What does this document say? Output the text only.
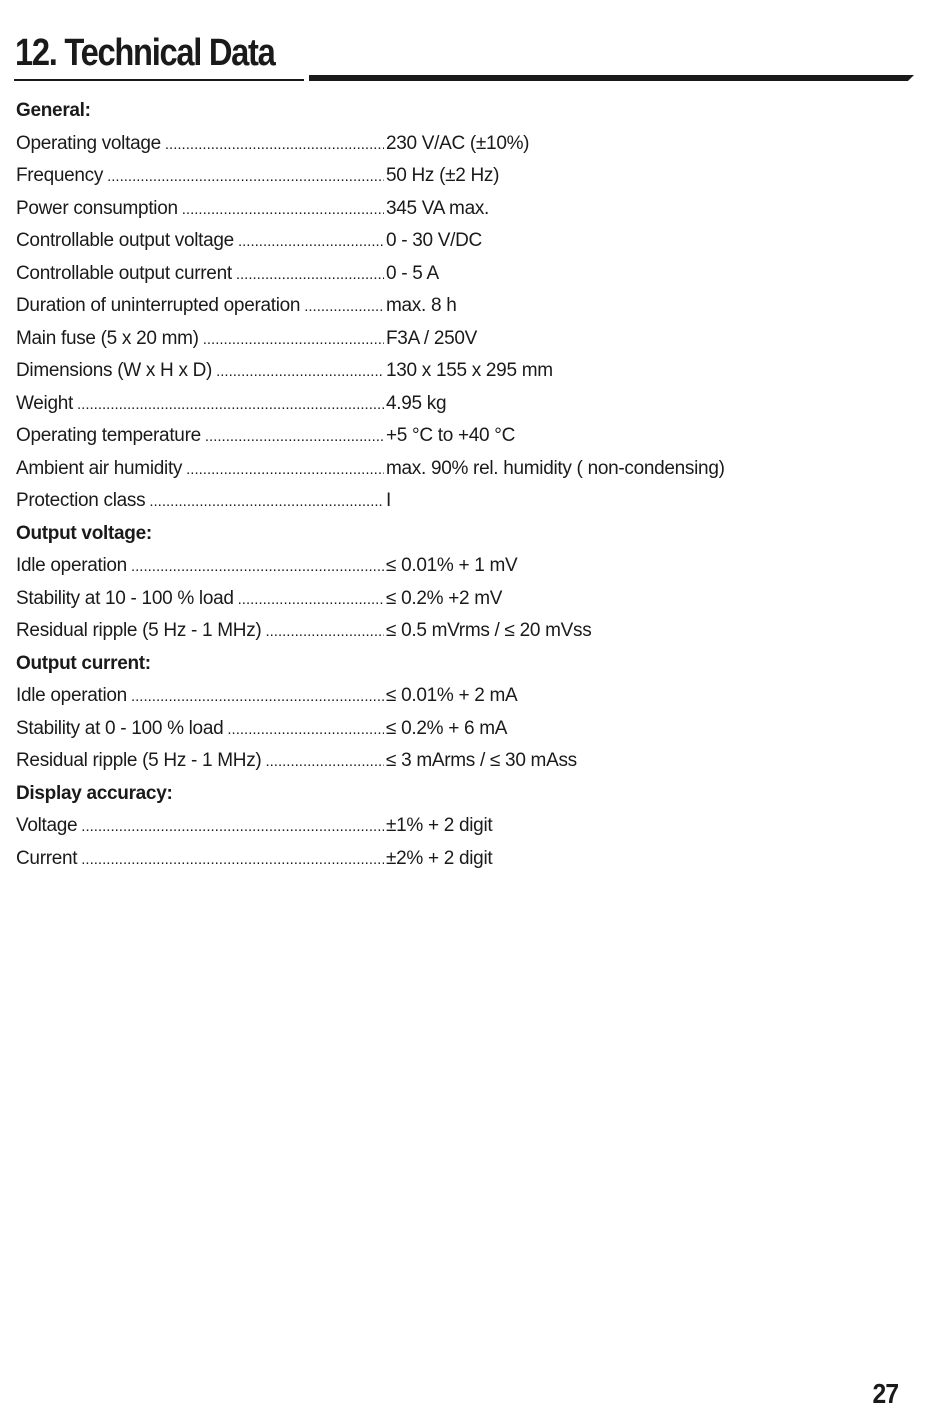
12. Technical Data
General:
Operating voltage .....	230 V/AC (±10%)
Frequency .....	50 Hz (±2 Hz)
Power consumption .....	345 VA max.
Controllable output voltage .....	0 - 30 V/DC
Controllable output current .....	0 - 5 A
Duration of uninterrupted operation .....	max. 8 h
Main fuse (5 x 20 mm) .....	F3A / 250V
Dimensions (W x H x D) .....	130 x 155 x 295 mm
Weight .....	4.95 kg
Operating temperature .....	+5 °C to +40 °C
Ambient air humidity .....	max. 90% rel. humidity ( non-condensing)
Protection class .....	I
Output voltage:
Idle operation .....	≤ 0.01% + 1 mV
Stability at 10 - 100 % load .....	≤ 0.2% +2 mV
Residual ripple (5 Hz - 1 MHz) .....	≤ 0.5 mVrms / ≤ 20 mVss
Output current:
Idle operation .....	≤ 0.01% + 2 mA
Stability at 0 - 100 % load .....	≤ 0.2% + 6 mA
Residual ripple (5 Hz - 1 MHz) .....	≤ 3 mArms / ≤ 30 mAss
Display accuracy:
Voltage .....	±1% + 2 digit
Current .....	±2% + 2 digit
27
